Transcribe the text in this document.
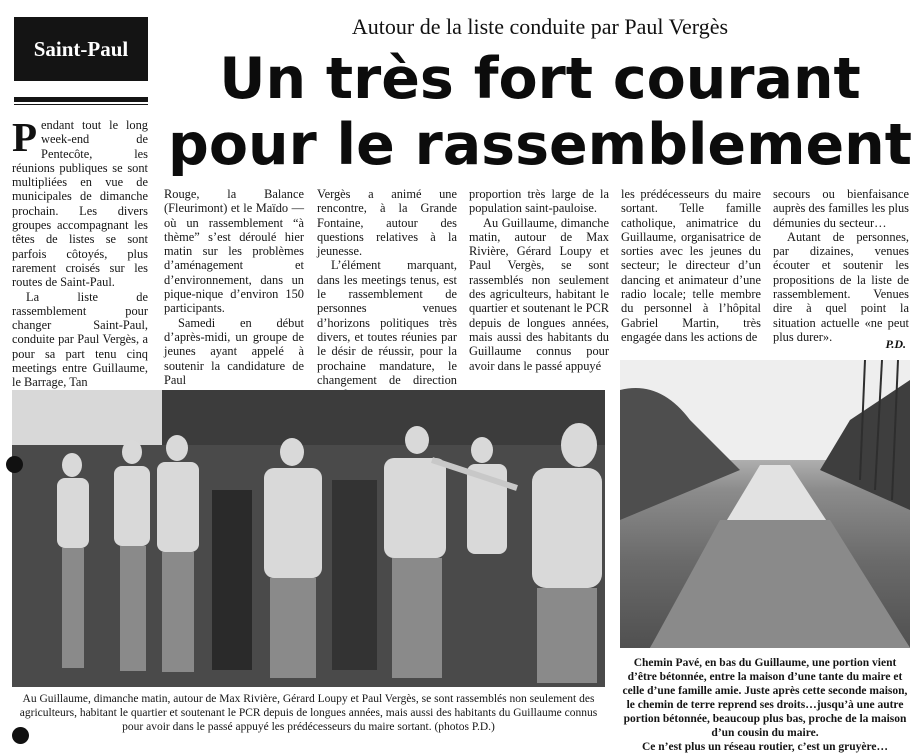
Saint-Paul
Autour de la liste conduite par Paul Vergès
Un très fort courant
pour le rassemblement

Pendant tout le long week-end de Pentecôte, les réunions publiques se sont multipliées en vue de municipales de dimanche prochain. Les divers groupes accompagnant les têtes de listes se sont parfois côtoyés, plus rarement croisés sur les routes de Saint-Paul.

La liste de rassemblement pour changer Saint-Paul, conduite par Paul Vergès, a pour sa part tenu cinq meetings entre Guillaume, le Barrage, Tan

Rouge, la Balance (Fleurimont) et le Maïdo — où un rassemblement “à thème” s’est déroulé hier matin sur les problèmes d’aménagement et d’environnement, dans un pique-nique d’environ 150 participants.

Samedi en début d’après-midi, un groupe de jeunes ayant appelé à soutenir la candidature de Paul

Vergès a animé une rencontre, à la Grande Fontaine, autour des questions relatives à la jeunesse.

L’élément marquant, dans les meetings tenus, est le rassemblement de personnes venues d’horizons politiques très divers, et toutes réunies par le désir de réussir, pour la prochaine mandature, le changement de direction

proportion très large de la population saint-pauloise.

Au Guillaume, dimanche matin, autour de Max Rivière, Gérard Loupy et Paul Vergès, se sont rassemblés non seulement des agriculteurs, habitant le quartier et soutenant le PCR depuis de longues années, mais aussi des habitants du Guillaume connus pour avoir dans le passé appuyé

les prédécesseurs du maire sortant. Telle famille catholique, animatrice du Guillaume, organisatrice de sorties avec les jeunes du secteur; le directeur d’un dancing et animateur d’une radio locale; telle membre du personnel à l’hôpital Gabriel Martin, très engagée dans les actions de

secours ou bienfaisance auprès des familles les plus démunies du secteur…

Autant de personnes, par dizaines, venues écouter et soutenir les propositions de la liste de rassemblement. Venues dire à quel point la situation actuelle «ne peut plus durer».

P.D.
Au Guillaume, dimanche matin, autour de Max Rivière, Gérard Loupy et Paul Vergès, se sont rassemblés non seulement des agriculteurs, habitant le quartier et soutenant le PCR depuis de longues années, mais aussi des habitants du Guillaume connus pour avoir dans le passé appuyé les prédécesseurs du maire sortant. (photos P.D.)
Chemin Pavé, en bas du Guillaume, une portion vient d’être bétonnée, entre la maison d’une tante du maire et celle d’une famille amie. Juste après cette seconde maison, le chemin de terre reprend ses droits…jusqu’à une autre portion bétonnée, beaucoup plus bas, proche de la maison d’un cousin du maire.
Ce n’est plus un réseau routier, c’est un gruyère…
